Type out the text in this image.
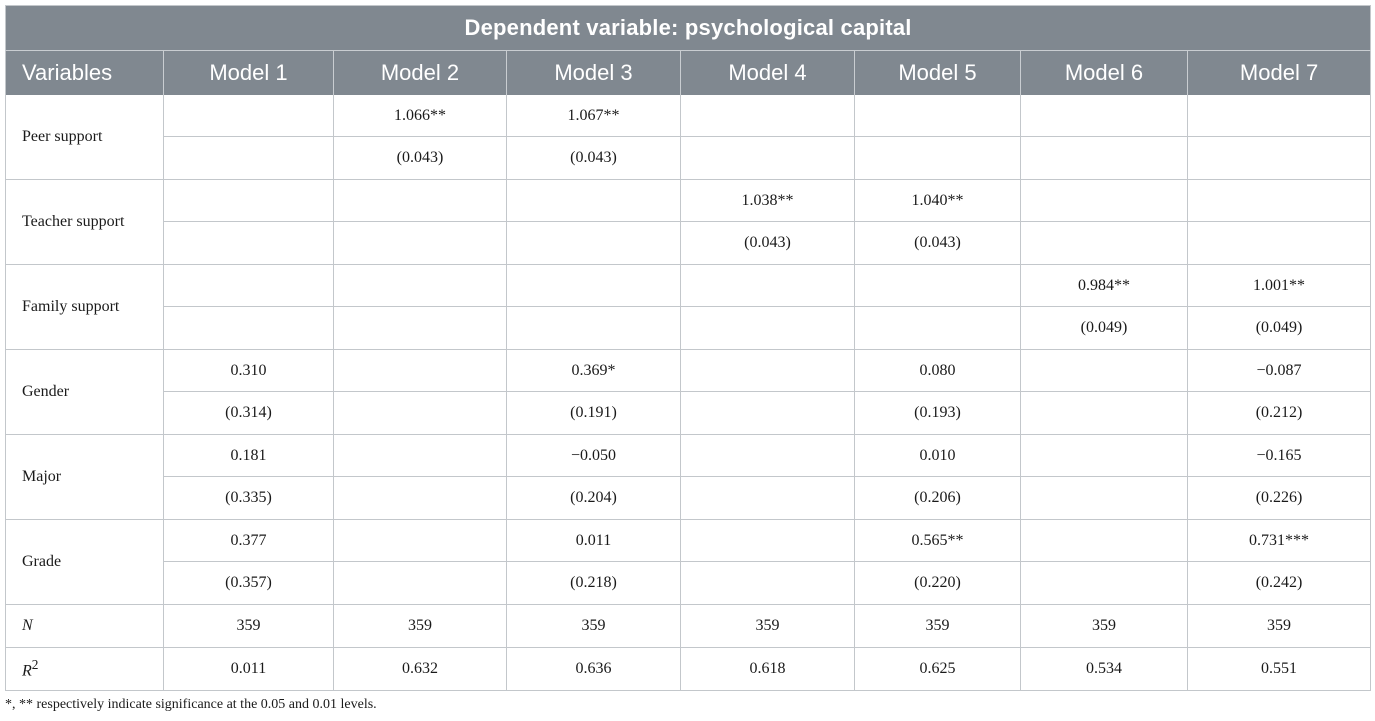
Dependent variable: psychological capital							
Variables	Model 1	Model 2	Model 3	Model 4	Model 5	Model 6	Model 7
Peer support		1.066**	1.067**				
		(0.043)	(0.043)				
Teacher support				1.038**	1.040**		
				(0.043)	(0.043)		
Family support						0.984**	1.001**
						(0.049)	(0.049)
Gender	0.310		0.369*		0.080		−0.087
	(0.314)		(0.191)		(0.193)		(0.212)
Major	0.181		−0.050		0.010		−0.165
	(0.335)		(0.204)		(0.206)		(0.226)
Grade	0.377		0.011		0.565**		0.731***
	(0.357)		(0.218)		(0.220)		(0.242)
N	359	359	359	359	359	359	359
$R^2$	0.011	0.632	0.636	0.618	0.625	0.534	0.551

*, ** respectively indicate significance at the 0.05 and 0.01 levels.
